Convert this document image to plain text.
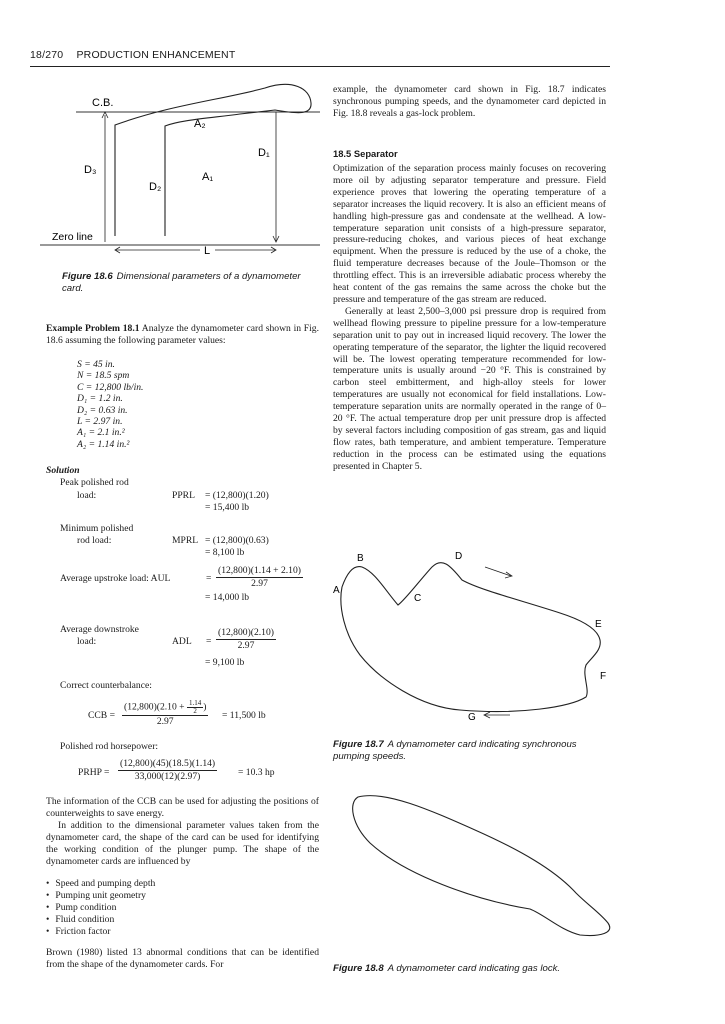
18/270 PRODUCTION ENHANCEMENT
C.B.
A₂
D₁
D₃
A₁
D₂
Zero line
L
Figure 18.6 Dimensional parameters of a dynamometer card.
Example Problem 18.1 Analyze the dynamometer card shown in Fig. 18.6 assuming the following parameter values:
S = 45 in.
N = 18.5 spm
C = 12,800 lb/in.
D₁ = 1.2 in.
D₂ = 0.63 in.
L = 2.97 in.
A₁ = 2.1 in.²
A₂ = 1.14 in.²
Solution
Peak polished rod
load:	PPRL = (12,800)(1.20)
= 15,400 lb
Minimum polished
rod load:	MPRL = (12,800)(0.63)
= 8,100 lb
Average upstroke load: AUL	= $\frac{(12,800)(1.14 + 2.10)}{2.97}$
= 14,000 lb
Average downstroke
load:	ADL = $\frac{(12,800)(2.10)}{2.97}$
= 9,100 lb
Correct counterbalance:
CCB = $\frac{(12,800)(2.10 + \frac{1.14}{2} )}{2.97} = 11,500$ lb
Polished rod horsepower:
PRHP = $\frac{(12,800)(45)(18.5)(1.14)}{33,000(12)(2.97)} = 10.3$ hp

The information of the CCB can be used for adjusting the positions of counterweights to save energy.

In addition to the dimensional parameter values taken from the dynamometer card, the shape of the card can be used for identifying the working condition of the plunger pump. The shape of the dynamometer cards are influenced by

• Speed and pumping depth
• Pumping unit geometry
• Pump condition
• Fluid condition
• Friction factor
Brown (1980) listed 13 abnormal conditions that can be identified from the shape of the dynamometer cards. For
example, the dynamometer card shown in Fig. 18.7 indicates synchronous pumping speeds, and the dynamometer card depicted in Fig. 18.8 reveals a gas-lock problem.
18.5 Separator

Optimization of the separation process mainly focuses on recovering more oil by adjusting separator temperature and pressure. Field experience proves that lowering the operating temperature of a separator increases the liquid recovery. It is also an efficient means of handling high-pressure gas and condensate at the wellhead. A low-temperature separation unit consists of a high-pressure separator, pressure-reducing chokes, and various pieces of heat exchange equipment. When the pressure is reduced by the use of a choke, the fluid temperature decreases because of the Joule–Thomson or the throttling effect. This is an irreversible adiabatic process whereby the heat content of the gas remains the same across the choke but the pressure and temperature of the gas stream are reduced.

Generally at least 2,500–3,000 psi pressure drop is required from wellhead flowing pressure to pipeline pressure for a low-temperature separation unit to pay out in increased liquid recovery. The lower the operating temperature of the separator, the lighter the liquid recovered will be. The lowest operating temperature recommended for low-temperature units is usually around −20 °F. This is constrained by carbon steel embitterment, and high-alloy steels for lower temperatures are usually not economical for field installations. Low-temperature separation units are normally operated in the range of 0–20 °F. The actual temperature drop per unit pressure drop is affected by several factors including composition of gas stream, gas and liquid flow rates, bath temperature, and ambient temperature. Temperature reduction in the process can be estimated using the equations presented in Chapter 5.

A
B
C
D
E
F
G
Figure 18.7 A dynamometer card indicating synchronous pumping speeds.
Figure 18.8 A dynamometer card indicating gas lock.
